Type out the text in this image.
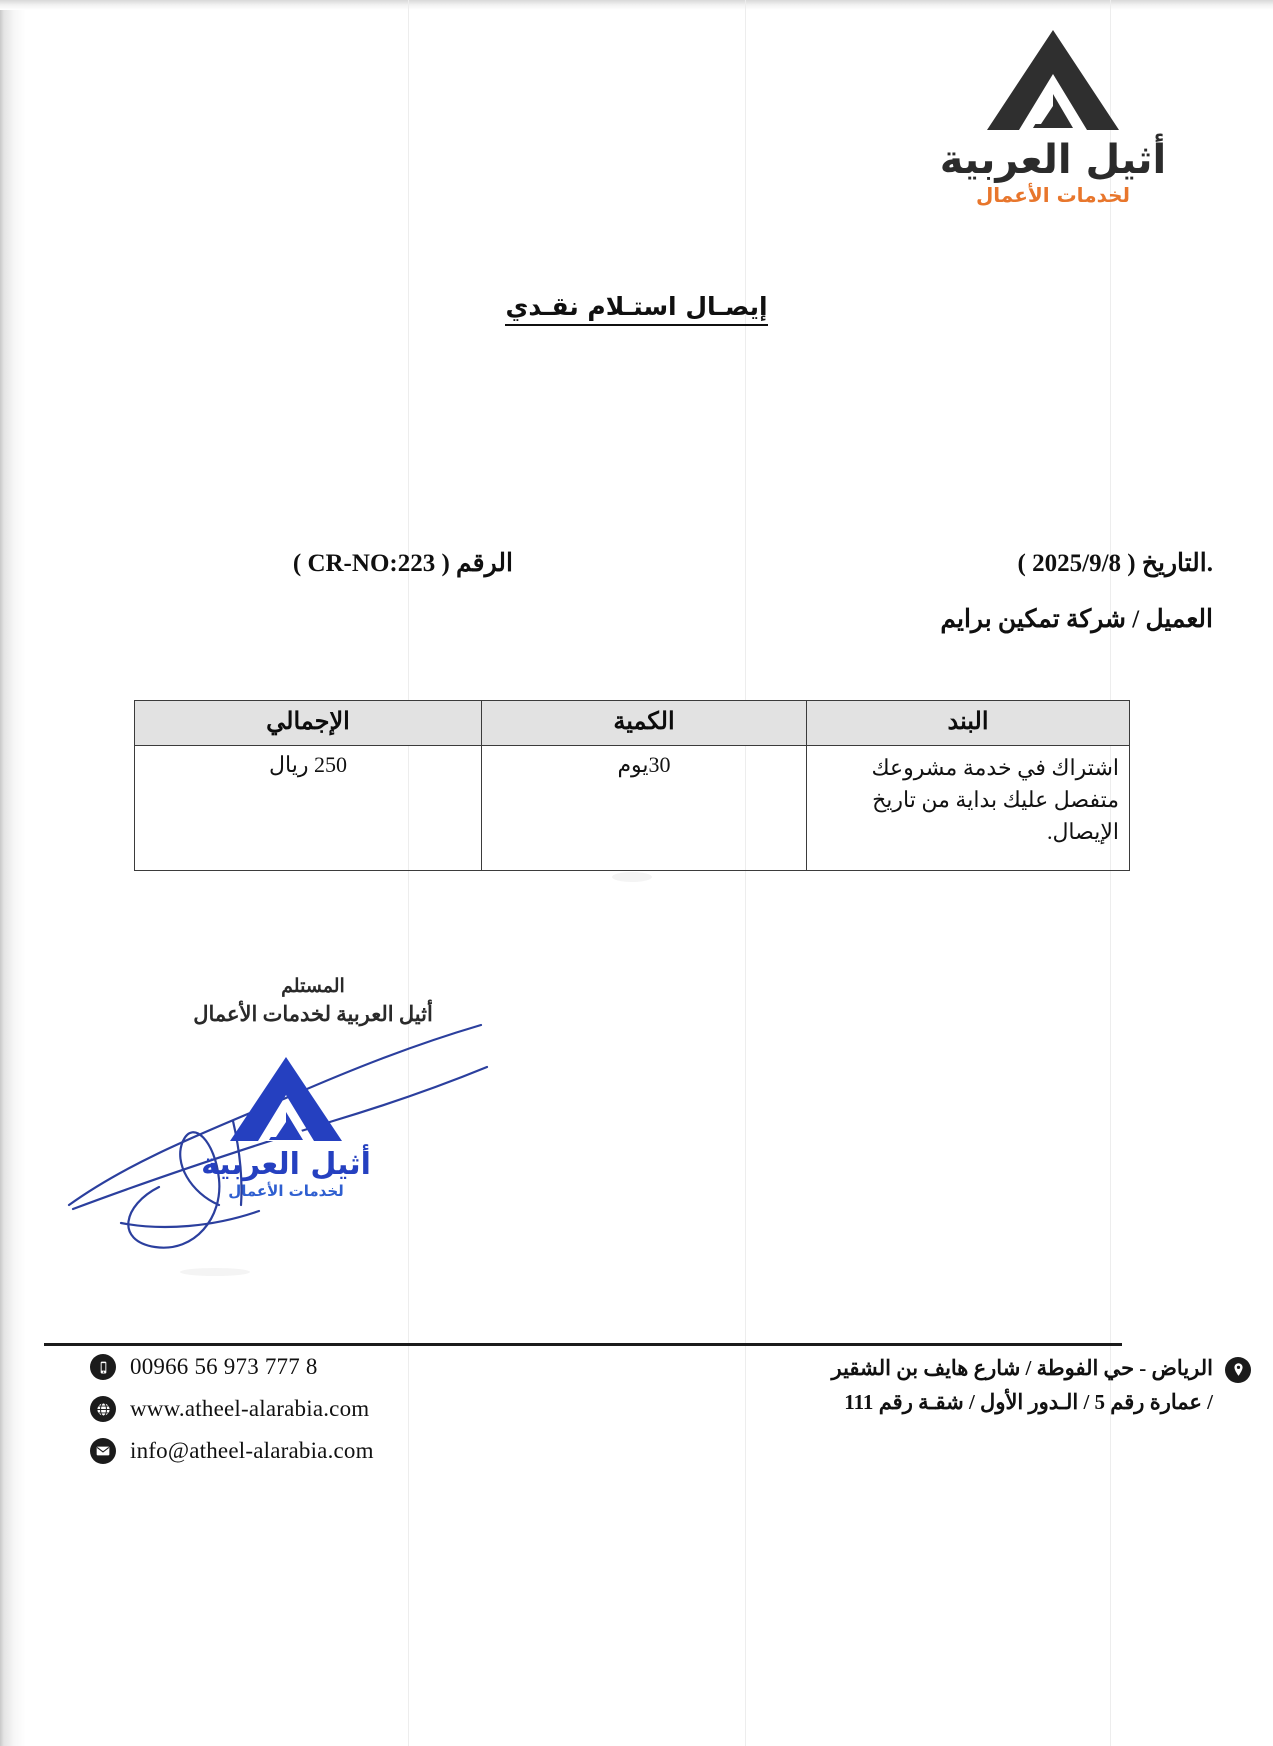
أثيل العربية
لخدمات الأعمال
إيصـال استـلام نقـدي
.التاريخ ( 2025/9/8 )
الرقم ( CR-NO:223 )
العميل / شركة تمكين برايم
البند	الكمية	الإجمالي
اشتراك في خدمة مشروعك متفصل عليك بداية من تاريخ الإيصال.	30يوم	250 ريال
المستلم
أثيل العربية لخدمات الأعمال
أثيل العربية
لخدمات الأعمال
الرياض - حي الفوطة / شارع هايف بن الشقير
/ عمارة رقم 5 / الـدور الأول / شقـة رقم 111
00966 56 973 777 8
www.atheel-alarabia.com
info@atheel-alarabia.com
